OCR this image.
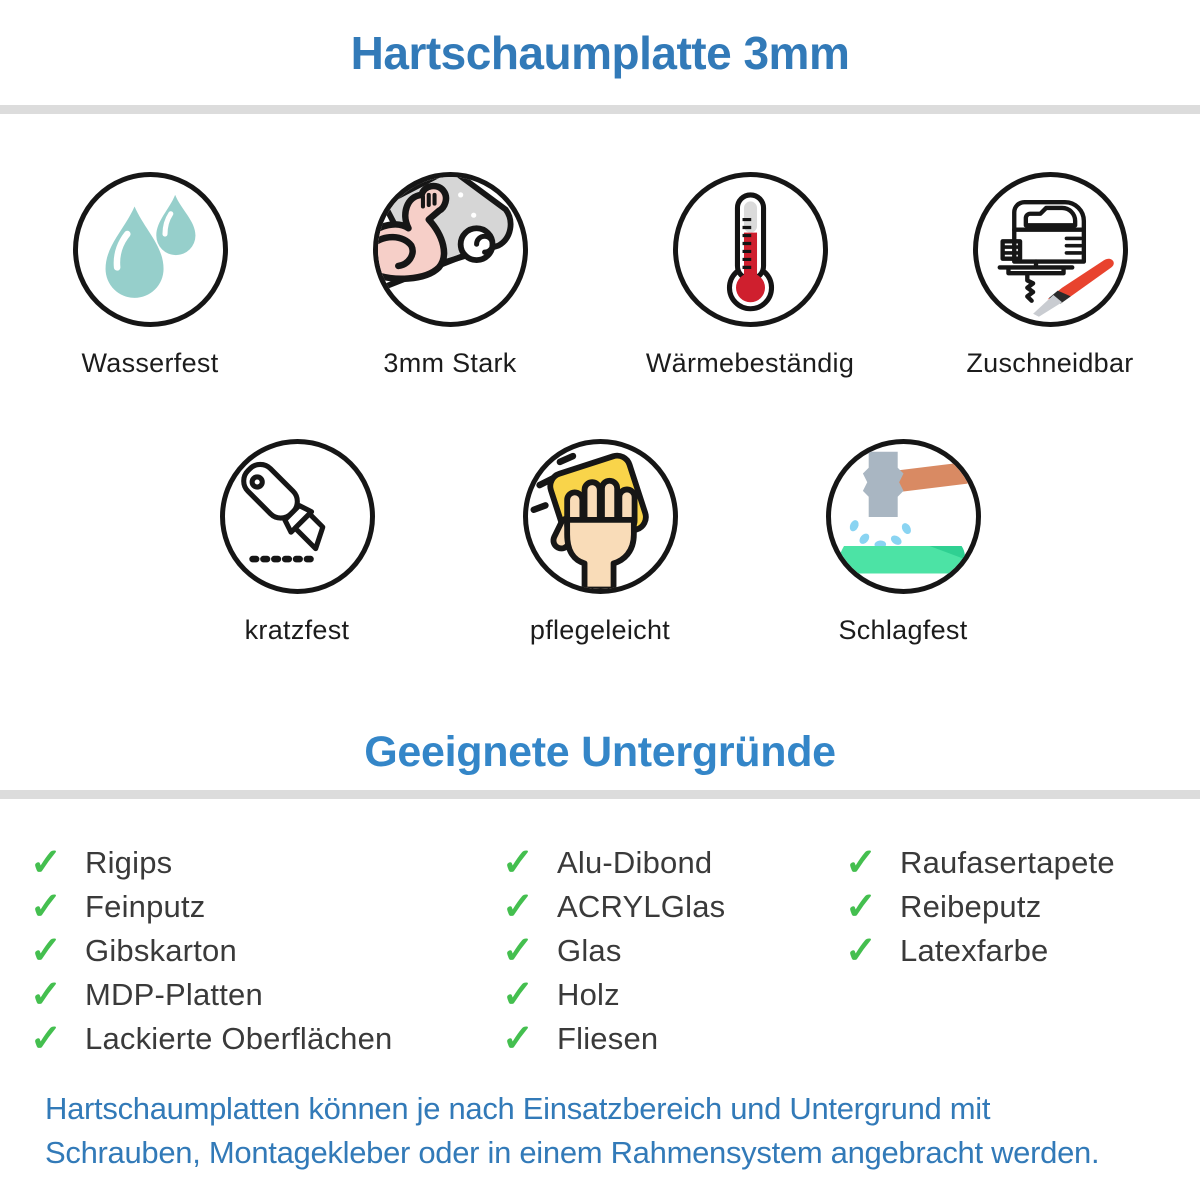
Hartschaumplatte 3mm
Wasserfest	3mm Stark	Wärmebeständig	Zuschneidbar
kratzfest	pflegeleicht	Schlagfest
Geeignete Untergründe
✓ Rigips
✓ Feinputz
✓ Gibskarton
✓ MDP-Platten
✓ Lackierte Oberflächen
✓ Alu-Dibond
✓ ACRYLGlas
✓ Glas
✓ Holz
✓ Fliesen
✓ Raufasertapete
✓ Reibeputz
✓ Latexfarbe
Hartschaumplatten können je nach Einsatzbereich und Untergrund mit
Schrauben, Montagekleber oder in einem Rahmensystem angebracht werden.
